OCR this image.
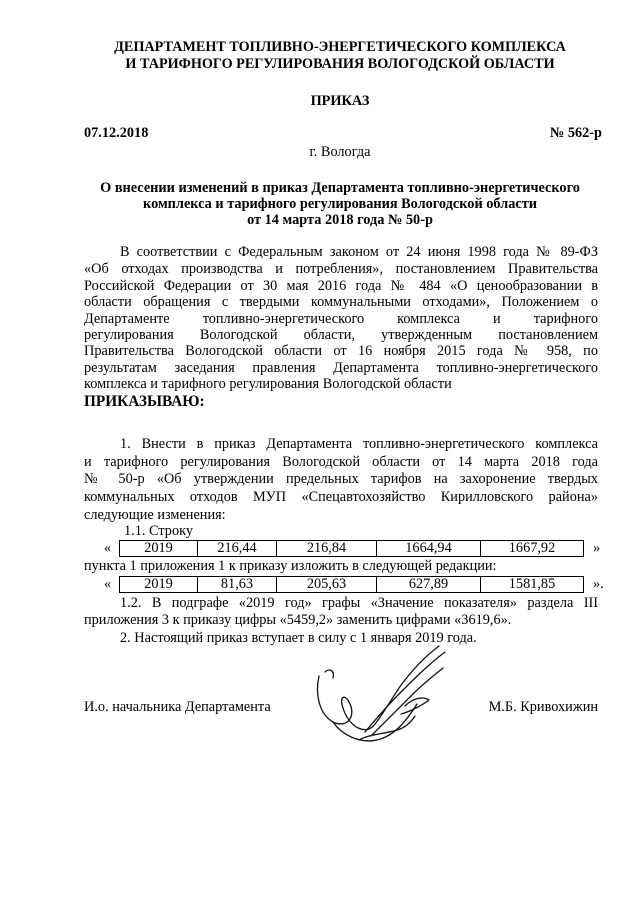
ДЕПАРТАМЕНТ ТОПЛИВНО-ЭНЕРГЕТИЧЕСКОГО КОМПЛЕКСА
И ТАРИФНОГО РЕГУЛИРОВАНИЯ ВОЛОГОДСКОЙ ОБЛАСТИ
ПРИКАЗ
07.12.2018	№ 562-р
г. Вологда
О внесении изменений в приказ Департамента топливно-энергетического
комплекса и тарифного регулирования Вологодской области
от 14 марта 2018 года № 50-р
В соответствии с Федеральным законом от 24 июня 1998 года № 89-ФЗ
«Об отходах производства и потребления», постановлением Правительства
Российской Федерации от 30 мая 2016 года № 484 «О ценообразовании в
области обращения с твердыми коммунальными отходами», Положением о
Департаменте топливно-энергетического комплекса и тарифного
регулирования Вологодской области, утвержденным постановлением
Правительства Вологодской области от 16 ноября 2015 года № 958, по
результатам заседания правления Департамента топливно-энергетического
комплекса и тарифного регулирования Вологодской области
ПРИКАЗЫВАЮ:
1. Внести в приказ Департамента топливно-энергетического комплекса
и тарифного регулирования Вологодской области от 14 марта 2018 года
№ 50-р «Об утверждении предельных тарифов на захоронение твердых
коммунальных отходов МУП «Спецавтохозяйство Кирилловского района»
следующие изменения:
1.1. Строку
« 2019	216,44	216,84	1664,94	1667,92	»
пункта 1 приложения 1 к приказу изложить в следующей редакции:
« 2019	81,63	205,63	627,89	1581,85	».
1.2. В подграфе «2019 год» графы «Значение показателя» раздела III
приложения 3 к приказу цифры «5459,2» заменить цифрами «3619,6».
2. Настоящий приказ вступает в силу с 1 января 2019 года.
И.о. начальника Департамента	М.Б. Кривохижин
